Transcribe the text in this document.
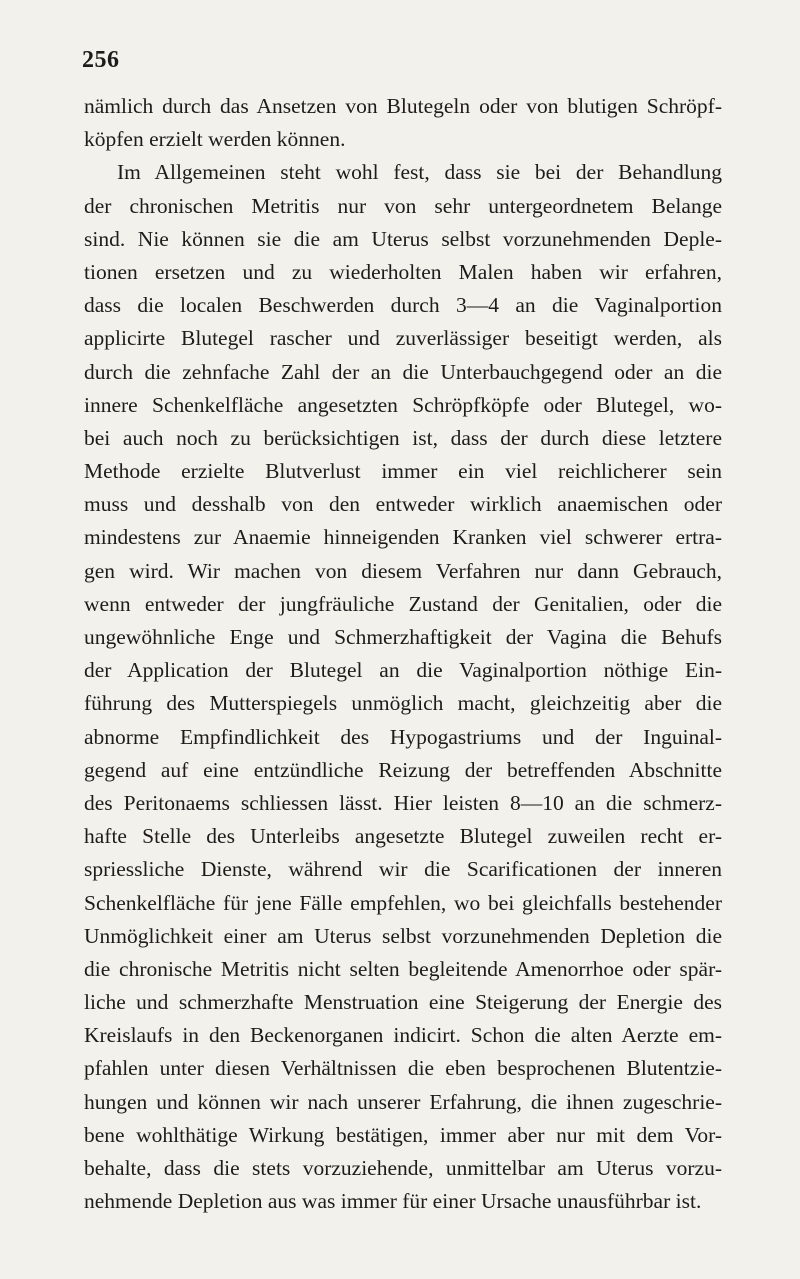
256
nämlich durch das Ansetzen von Blutegeln oder von blutigen Schröpf-
köpfen erzielt werden können.
Im Allgemeinen steht wohl fest, dass sie bei der Behandlung
der chronischen Metritis nur von sehr untergeordnetem Belange
sind. Nie können sie die am Uterus selbst vorzunehmenden Deple-
tionen ersetzen und zu wiederholten Malen haben wir erfahren,
dass die localen Beschwerden durch 3—4 an die Vaginalportion
applicirte Blutegel rascher und zuverlässiger beseitigt werden, als
durch die zehnfache Zahl der an die Unterbauchgegend oder an die
innere Schenkelfläche angesetzten Schröpfköpfe oder Blutegel, wo-
bei auch noch zu berücksichtigen ist, dass der durch diese letztere
Methode erzielte Blutverlust immer ein viel reichlicherer sein
muss und desshalb von den entweder wirklich anaemischen oder
mindestens zur Anaemie hinneigenden Kranken viel schwerer ertra-
gen wird. Wir machen von diesem Verfahren nur dann Gebrauch,
wenn entweder der jungfräuliche Zustand der Genitalien, oder die
ungewöhnliche Enge und Schmerzhaftigkeit der Vagina die Behufs
der Application der Blutegel an die Vaginalportion nöthige Ein-
führung des Mutterspiegels unmöglich macht, gleichzeitig aber die
abnorme Empfindlichkeit des Hypogastriums und der Inguinal-
gegend auf eine entzündliche Reizung der betreffenden Abschnitte
des Peritonaems schliessen lässt. Hier leisten 8—10 an die schmerz-
hafte Stelle des Unterleibs angesetzte Blutegel zuweilen recht er-
spriessliche Dienste, während wir die Scarificationen der inneren
Schenkelfläche für jene Fälle empfehlen, wo bei gleichfalls bestehender
Unmöglichkeit einer am Uterus selbst vorzunehmenden Depletion die
die chronische Metritis nicht selten begleitende Amenorrhoe oder spär-
liche und schmerzhafte Menstruation eine Steigerung der Energie des
Kreislaufs in den Beckenorganen indicirt. Schon die alten Aerzte em-
pfahlen unter diesen Verhältnissen die eben besprochenen Blutentzie-
hungen und können wir nach unserer Erfahrung, die ihnen zugeschrie-
bene wohlthätige Wirkung bestätigen, immer aber nur mit dem Vor-
behalte, dass die stets vorzuziehende, unmittelbar am Uterus vorzu-
nehmende Depletion aus was immer für einer Ursache unausführbar ist.
